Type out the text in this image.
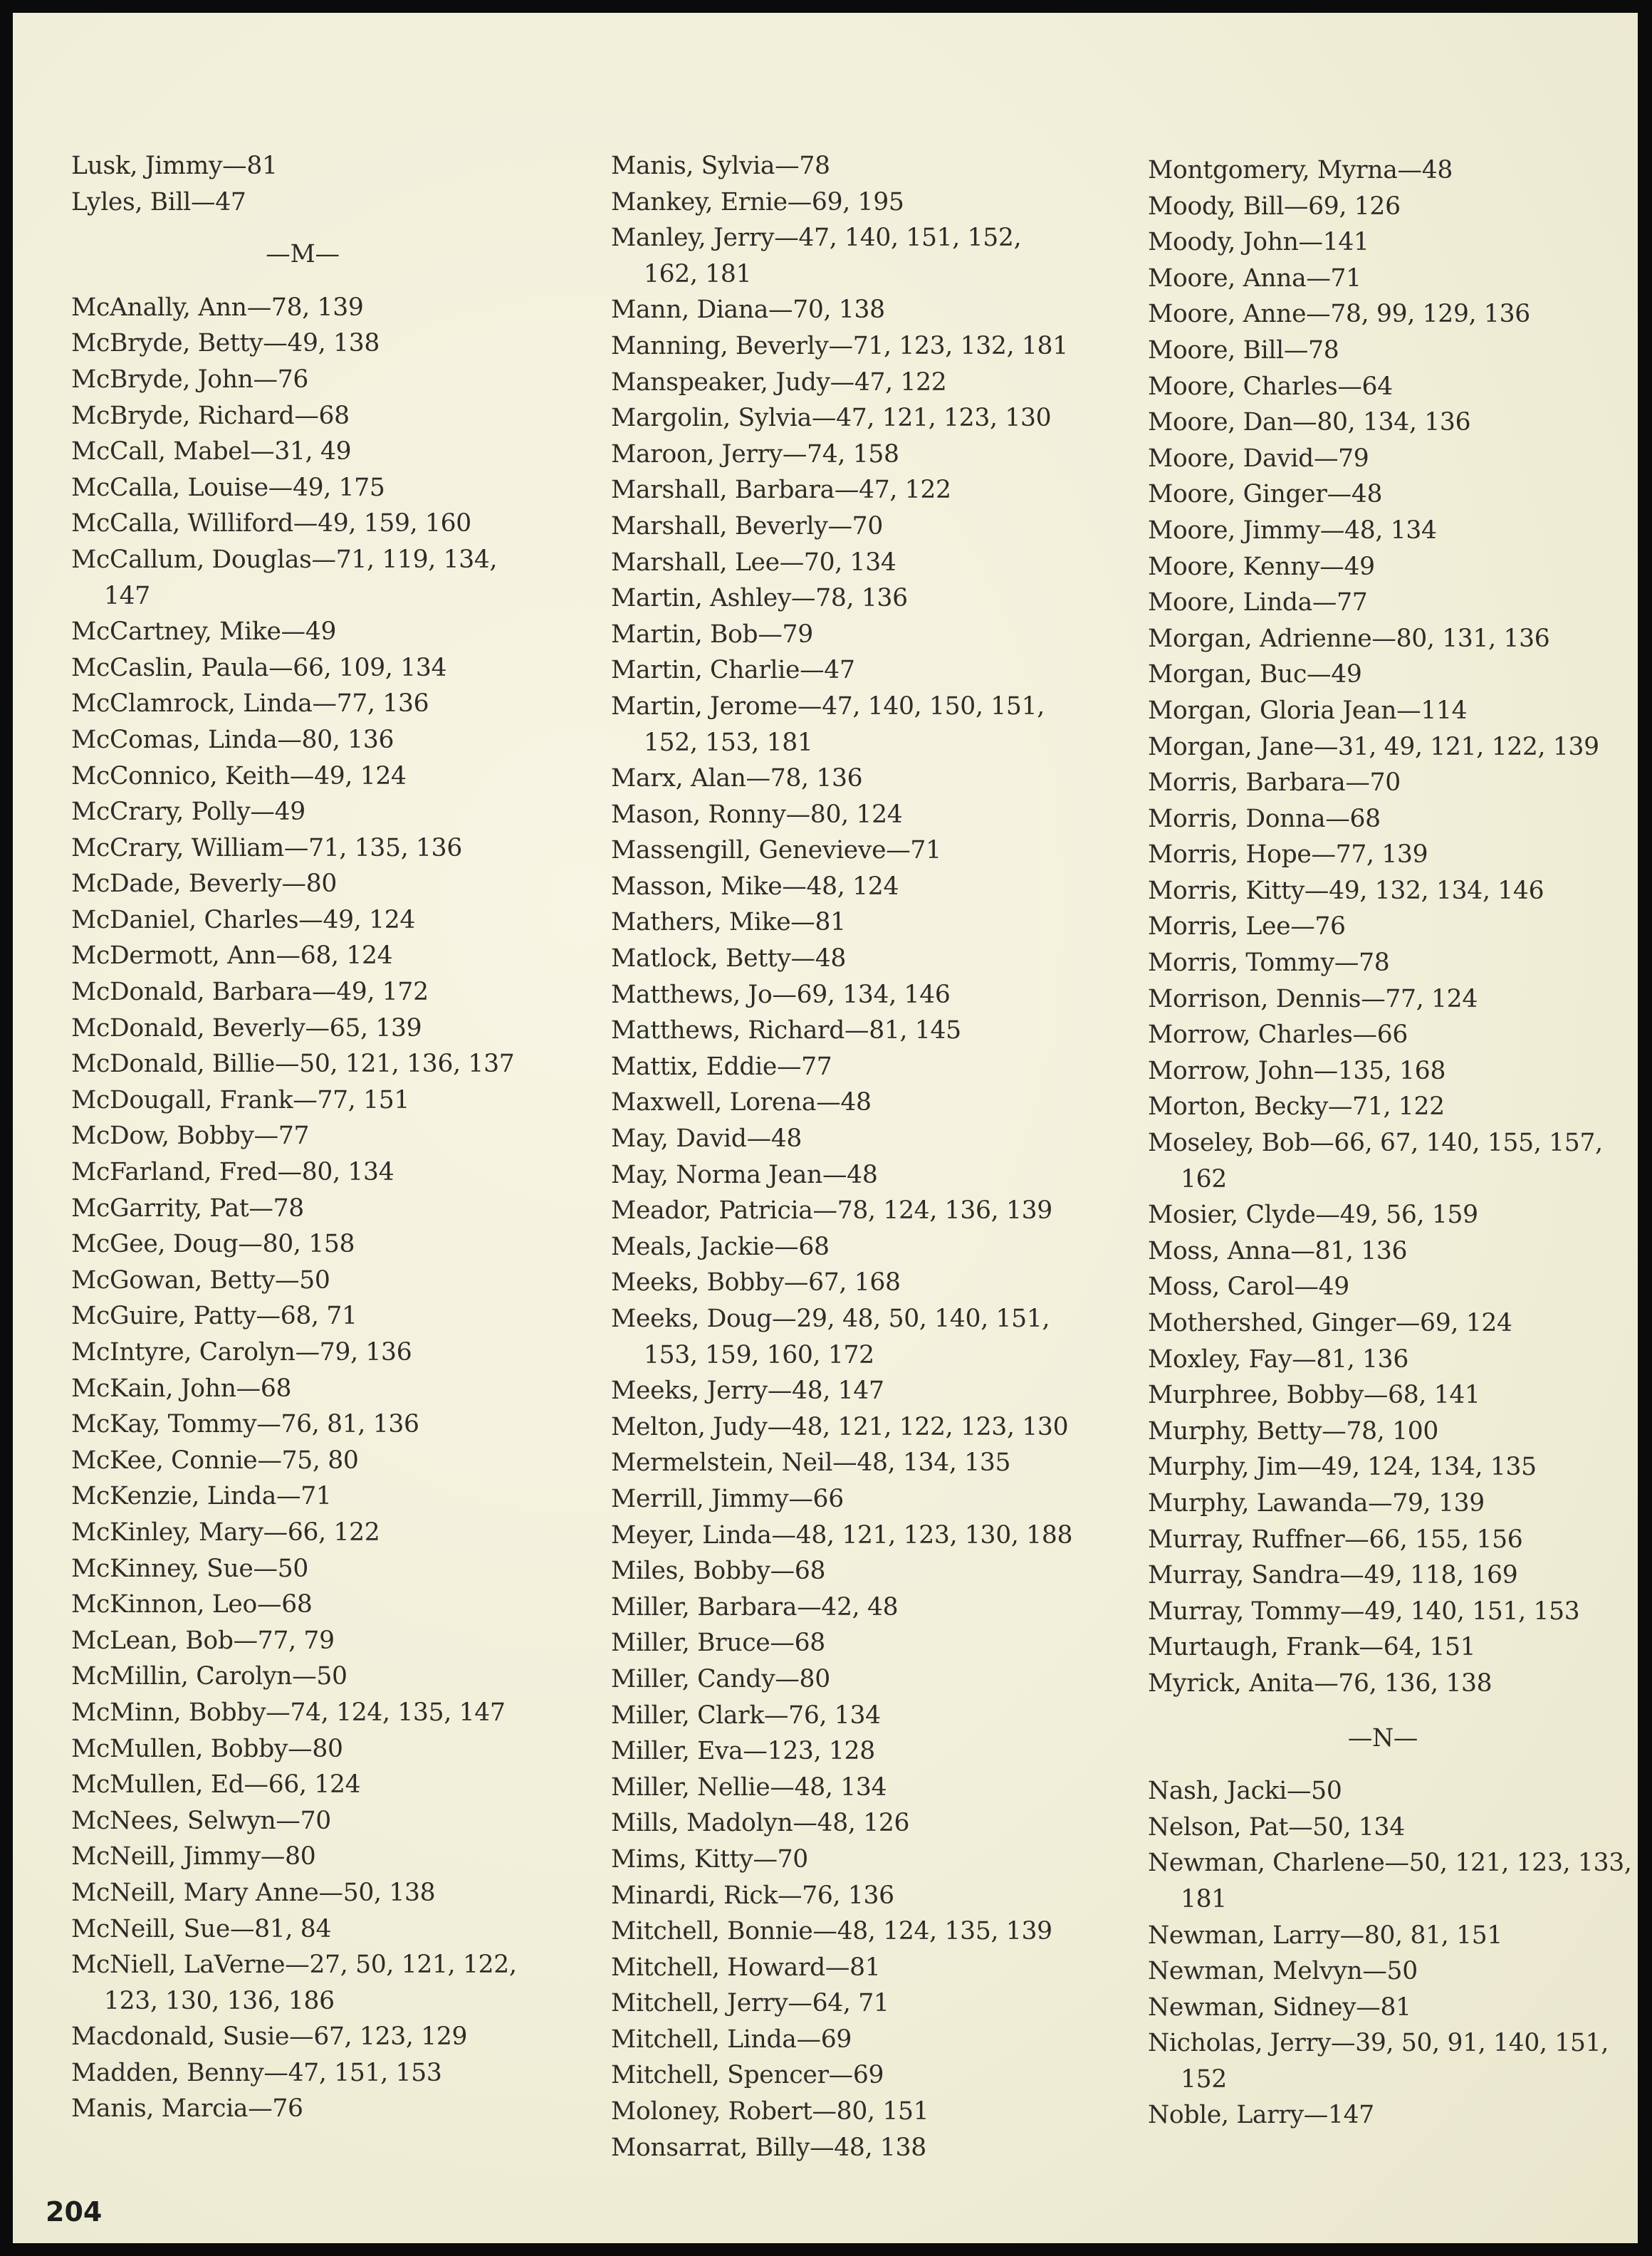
Lusk, Jimmy—81
Lyles, Bill—47
—M—
McAnally, Ann—78, 139
McBryde, Betty—49, 138
McBryde, John—76
McBryde, Richard—68
McCall, Mabel—31, 49
McCalla, Louise—49, 175
McCalla, Williford—49, 159, 160
McCallum, Douglas—71, 119, 134,
147
McCartney, Mike—49
McCaslin, Paula—66, 109, 134
McClamrock, Linda—77, 136
McComas, Linda—80, 136
McConnico, Keith—49, 124
McCrary, Polly—49
McCrary, William—71, 135, 136
McDade, Beverly—80
McDaniel, Charles—49, 124
McDermott, Ann—68, 124
McDonald, Barbara—49, 172
McDonald, Beverly—65, 139
McDonald, Billie—50, 121, 136, 137
McDougall, Frank—77, 151
McDow, Bobby—77
McFarland, Fred—80, 134
McGarrity, Pat—78
McGee, Doug—80, 158
McGowan, Betty—50
McGuire, Patty—68, 71
McIntyre, Carolyn—79, 136
McKain, John—68
McKay, Tommy—76, 81, 136
McKee, Connie—75, 80
McKenzie, Linda—71
McKinley, Mary—66, 122
McKinney, Sue—50
McKinnon, Leo—68
McLean, Bob—77, 79
McMillin, Carolyn—50
McMinn, Bobby—74, 124, 135, 147
McMullen, Bobby—80
McMullen, Ed—66, 124
McNees, Selwyn—70
McNeill, Jimmy—80
McNeill, Mary Anne—50, 138
McNeill, Sue—81, 84
McNiell, LaVerne—27, 50, 121, 122,
123, 130, 136, 186
Macdonald, Susie—67, 123, 129
Madden, Benny—47, 151, 153
Manis, Marcia—76
Manis, Sylvia—78
Mankey, Ernie—69, 195
Manley, Jerry—47, 140, 151, 152,
162, 181
Mann, Diana—70, 138
Manning, Beverly—71, 123, 132, 181
Manspeaker, Judy—47, 122
Margolin, Sylvia—47, 121, 123, 130
Maroon, Jerry—74, 158
Marshall, Barbara—47, 122
Marshall, Beverly—70
Marshall, Lee—70, 134
Martin, Ashley—78, 136
Martin, Bob—79
Martin, Charlie—47
Martin, Jerome—47, 140, 150, 151,
152, 153, 181
Marx, Alan—78, 136
Mason, Ronny—80, 124
Massengill, Genevieve—71
Masson, Mike—48, 124
Mathers, Mike—81
Matlock, Betty—48
Matthews, Jo—69, 134, 146
Matthews, Richard—81, 145
Mattix, Eddie—77
Maxwell, Lorena—48
May, David—48
May, Norma Jean—48
Meador, Patricia—78, 124, 136, 139
Meals, Jackie—68
Meeks, Bobby—67, 168
Meeks, Doug—29, 48, 50, 140, 151,
153, 159, 160, 172
Meeks, Jerry—48, 147
Melton, Judy—48, 121, 122, 123, 130
Mermelstein, Neil—48, 134, 135
Merrill, Jimmy—66
Meyer, Linda—48, 121, 123, 130, 188
Miles, Bobby—68
Miller, Barbara—42, 48
Miller, Bruce—68
Miller, Candy—80
Miller, Clark—76, 134
Miller, Eva—123, 128
Miller, Nellie—48, 134
Mills, Madolyn—48, 126
Mims, Kitty—70
Minardi, Rick—76, 136
Mitchell, Bonnie—48, 124, 135, 139
Mitchell, Howard—81
Mitchell, Jerry—64, 71
Mitchell, Linda—69
Mitchell, Spencer—69
Moloney, Robert—80, 151
Monsarrat, Billy—48, 138
Montgomery, Myrna—48
Moody, Bill—69, 126
Moody, John—141
Moore, Anna—71
Moore, Anne—78, 99, 129, 136
Moore, Bill—78
Moore, Charles—64
Moore, Dan—80, 134, 136
Moore, David—79
Moore, Ginger—48
Moore, Jimmy—48, 134
Moore, Kenny—49
Moore, Linda—77
Morgan, Adrienne—80, 131, 136
Morgan, Buc—49
Morgan, Gloria Jean—114
Morgan, Jane—31, 49, 121, 122, 139
Morris, Barbara—70
Morris, Donna—68
Morris, Hope—77, 139
Morris, Kitty—49, 132, 134, 146
Morris, Lee—76
Morris, Tommy—78
Morrison, Dennis—77, 124
Morrow, Charles—66
Morrow, John—135, 168
Morton, Becky—71, 122
Moseley, Bob—66, 67, 140, 155, 157,
162
Mosier, Clyde—49, 56, 159
Moss, Anna—81, 136
Moss, Carol—49
Mothershed, Ginger—69, 124
Moxley, Fay—81, 136
Murphree, Bobby—68, 141
Murphy, Betty—78, 100
Murphy, Jim—49, 124, 134, 135
Murphy, Lawanda—79, 139
Murray, Ruffner—66, 155, 156
Murray, Sandra—49, 118, 169
Murray, Tommy—49, 140, 151, 153
Murtaugh, Frank—64, 151
Myrick, Anita—76, 136, 138
—N—
Nash, Jacki—50
Nelson, Pat—50, 134
Newman, Charlene—50, 121, 123, 133,
181
Newman, Larry—80, 81, 151
Newman, Melvyn—50
Newman, Sidney—81
Nicholas, Jerry—39, 50, 91, 140, 151,
152
Noble, Larry—147
204
